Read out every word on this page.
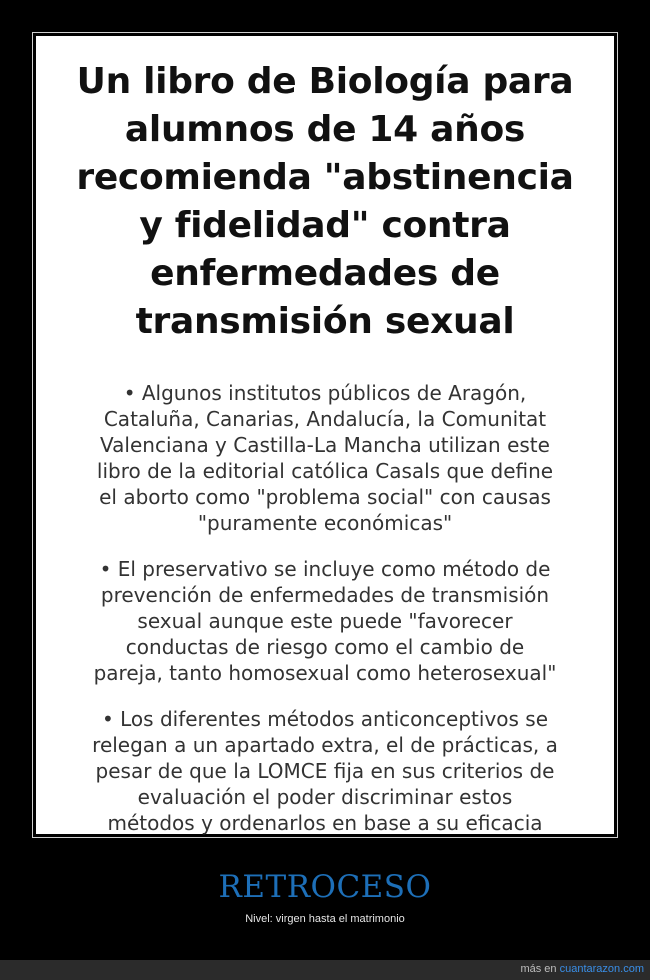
Un libro de Biología para
alumnos de 14 años
recomienda "abstinencia
y fidelidad" contra
enfermedades de
transmisión sexual
• Algunos institutos públicos de Aragón,
Cataluña, Canarias, Andalucía, la Comunitat
Valenciana y Castilla-La Mancha utilizan este
libro de la editorial católica Casals que define
el aborto como "problema social" con causas
"puramente económicas"
• El preservativo se incluye como método de
prevención de enfermedades de transmisión
sexual aunque este puede "favorecer
conductas de riesgo como el cambio de
pareja, tanto homosexual como heterosexual"
• Los diferentes métodos anticonceptivos se
relegan a un apartado extra, el de prácticas, a
pesar de que la LOMCE fija en sus criterios de
evaluación el poder discriminar estos
métodos y ordenarlos en base a su eficacia
RETROCESO
Nivel: virgen hasta el matrimonio
más en cuantarazon.com
